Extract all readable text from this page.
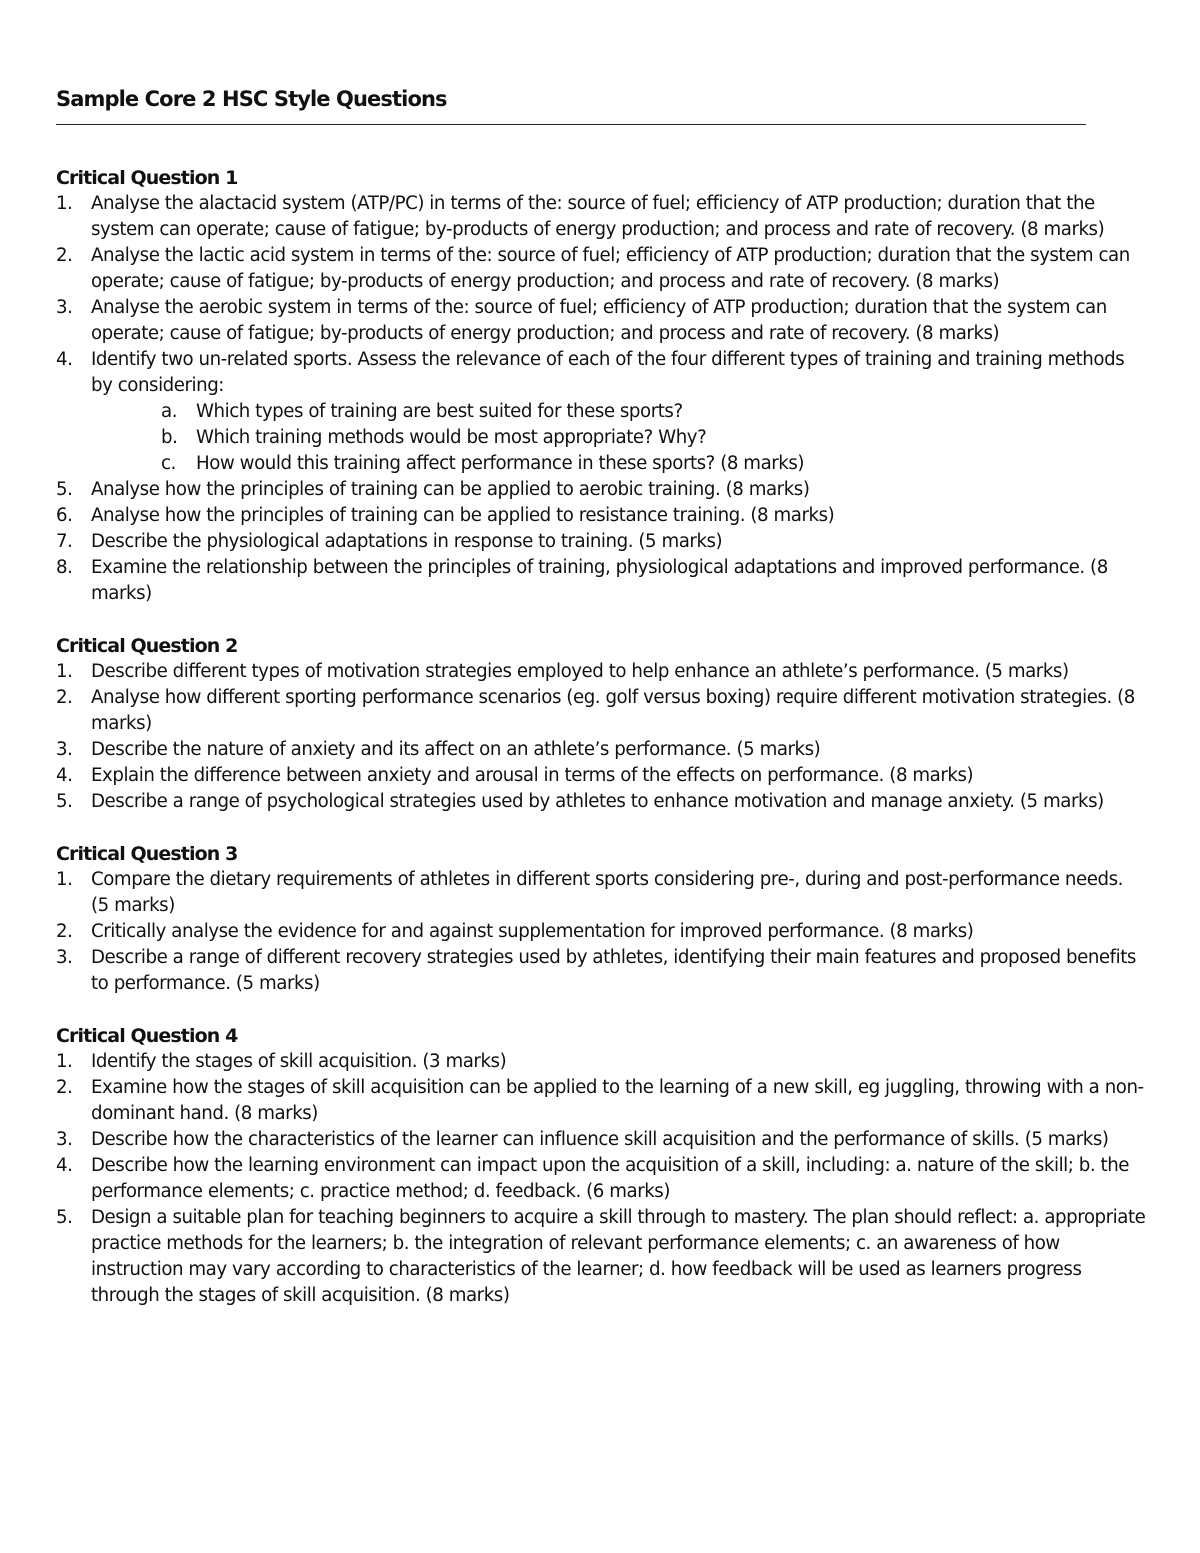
Sample Core 2 HSC Style Questions
Critical Question 1
1.	Analyse the alactacid system (ATP/PC) in terms of the: source of fuel; efficiency of ATP production; duration that the system can operate; cause of fatigue; by-products of energy production; and process and rate of recovery. (8 marks)
2.	Analyse the lactic acid system in terms of the: source of fuel; efficiency of ATP production; duration that the system can operate; cause of fatigue; by-products of energy production; and process and rate of recovery. (8 marks)
3.	Analyse the aerobic system in terms of the: source of fuel; efficiency of ATP production; duration that the system can operate; cause of fatigue; by-products of energy production; and process and rate of recovery. (8 marks)
4.	Identify two un-related sports. Assess the relevance of each of the four different types of training and training methods by considering:
a. Which types of training are best suited for these sports?
b. Which training methods would be most appropriate? Why?
c. How would this training affect performance in these sports? (8 marks)
5.	Analyse how the principles of training can be applied to aerobic training. (8 marks)
6.	Analyse how the principles of training can be applied to resistance training. (8 marks)
7.	Describe the physiological adaptations in response to training. (5 marks)
8.	Examine the relationship between the principles of training, physiological adaptations and improved performance. (8 marks)
Critical Question 2
1.	Describe different types of motivation strategies employed to help enhance an athlete’s performance. (5 marks)
2.	Analyse how different sporting performance scenarios (eg. golf versus boxing) require different motivation strategies. (8 marks)
3.	Describe the nature of anxiety and its affect on an athlete’s performance. (5 marks)
4.	Explain the difference between anxiety and arousal in terms of the effects on performance. (8 marks)
5.	Describe a range of psychological strategies used by athletes to enhance motivation and manage anxiety. (5 marks)
Critical Question 3
1.	Compare the dietary requirements of athletes in different sports considering pre-, during and post-performance needs. (5 marks)
2.	Critically analyse the evidence for and against supplementation for improved performance. (8 marks)
3.	Describe a range of different recovery strategies used by athletes, identifying their main features and proposed benefits to performance. (5 marks)
Critical Question 4
1.	Identify the stages of skill acquisition. (3 marks)
2.	Examine how the stages of skill acquisition can be applied to the learning of a new skill, eg juggling, throwing with a non-dominant hand. (8 marks)
3.	Describe how the characteristics of the learner can influence skill acquisition and the performance of skills. (5 marks)
4.	Describe how the learning environment can impact upon the acquisition of a skill, including: a. nature of the skill; b. the performance elements; c. practice method; d. feedback. (6 marks)
5.	Design a suitable plan for teaching beginners to acquire a skill through to mastery. The plan should reflect: a. appropriate practice methods for the learners; b. the integration of relevant performance elements; c. an awareness of how instruction may vary according to characteristics of the learner; d. how feedback will be used as learners progress through the stages of skill acquisition. (8 marks)
